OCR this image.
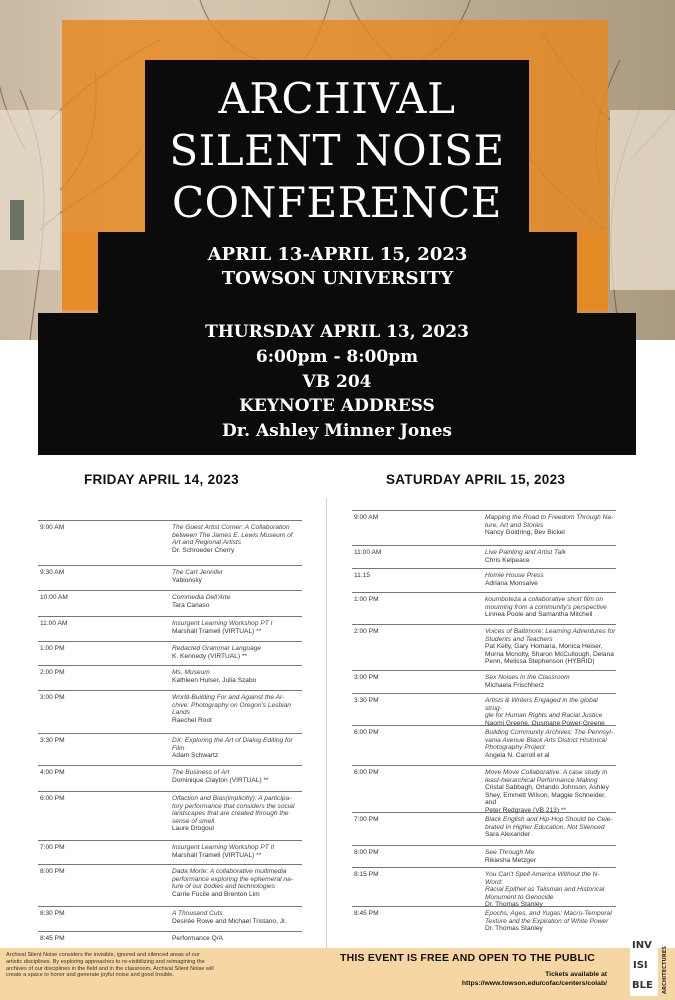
ARCHIVAL
SILENT NOISE
CONFERENCE
APRIL 13-APRIL 15, 2023
TOWSON UNIVERSITY
THURSDAY APRIL 13, 2023
6:00pm - 8:00pm
VB 204
KEYNOTE ADDRESS
Dr. Ashley Minner Jones
FRIDAY APRIL 14, 2023	SATURDAY APRIL 15, 2023
9:00 AM	The Guest Artist Corner: A Collaboration
between The James E. Lewis Museum of
Art and Regional Artists
Dr. Schroeder Cherry
9:30 AM	The Cart Jennifer
Yablonsky
10:00 AM	Commedia Dell'Arte
Tara Cariaso
11:00 AM	Insurgent Learning Workshop PT I
Marshall Tramell (VIRTUAL) **
1:00 PM	Redacted Grammar Language
K. Kennedy (VIRTUAL) **
2:00 PM	Ms. Museum
Kathleen Hulser, Julia Szabo
3:00 PM	World-Building For and Against the Ar-
chive: Photography on Oregon's Lesbian
Lands
Raechel Root
3:30 PM	DX: Exploring the Art of Dialog Editing for
Film
Adam Schwartz
4:00 PM	The Business of Art
Dominique Clayton (VIRTUAL) **
6:00 PM	Olfaction and Bias(implicitly): A participa-
tory performance that considers the social
landscapes that are created through the
sense of smell
Laure Drogoul
7:00 PM	Insurgent Learning Workshop PT II
Marshall Tramell (VIRTUAL) **
8:00 PM	Dada Morte: A collaborative multimedia
performance exploring the ephemeral na-
ture of our bodies and technologies
Carrie Fucile and Brenton Lim
8:30 PM	A Thousand Cuts
Desirée Rowe and Michael Tristano, Jr.
8:45 PM	Performance Q/A
9:00 AM	Mapping the Road to Freedom Through Na-
ture, Art and Stories
Nancy Goldring, Bev Bickel
11:00 AM	Live Painting and Artist Talk
Chris Kelpeace
11:15	Homie House Press
Adriana Monsalve
1:00 PM	koumboteza a collaborative short film on
mourning from a community's perspective
Linnea Poole and Samantha Mitchell
2:00 PM	Voices of Baltimore: Learning Adventures for
Students and Teachers
Pat Kelly, Gary Homana, Monica Heiser,
Morna Mcnolty, Sharon McCullough, Delana
Penn, Melissa Stephenson (HYBRID)
3:00 PM	Sex Noises in the Classroom
Michaela Frischherz
3:30 PM	Artists & Writers Engaged in the global strug-
gle for Human Rights and Racial Justice
Naomi Greene, Ousmane Power-Greene
6:00 PM	Building Community Archives: The Pennsyl-
vania Avenue Black Arts District Historical
Photography Project
Angela N. Carroll et al
6:00 PM	Move Move Collaborative: A case study in
least-hierarchical Performance Making
Cristal Sabbagh, Orlando Johnson, Ashley
Shey, Emmett Wilson, Maggie Schneider, and
Peter Redgrave (VB 213) **
7:00 PM	Black English and Hip-Hop Should be Cele-
brated In Higher Education, Not Silenced
Sara Alexander
8:00 PM	See Through Me
Rikiesha Metzger
8:15 PM	You Can't Spell America Without the N-Word:
Racial Epithet as Talisman and Historical
Monument to Genocide
Dr. Thomas Stanley
8:45 PM	Epochs, Ages, and Yugas: Macro-Temporal
Texture and the Expiration of White Power
Dr. Thomas Stanley
Archival Silent Noise considers the invisible, ignored and silenced areas of our
artistic disciplines. By exploring approaches to re-visibilizing and reimagining the
archives of our disciplines in the field and in the classroom, Archival Silent Noise will
create a space to honor and generate joyful noise and good trouble.
THIS EVENT IS FREE AND OPEN TO THE PUBLIC
Tickets available at
https://www.towson.edu/cofac/centers/colab/
INV
ISI
BLE ARCHITECTURES
